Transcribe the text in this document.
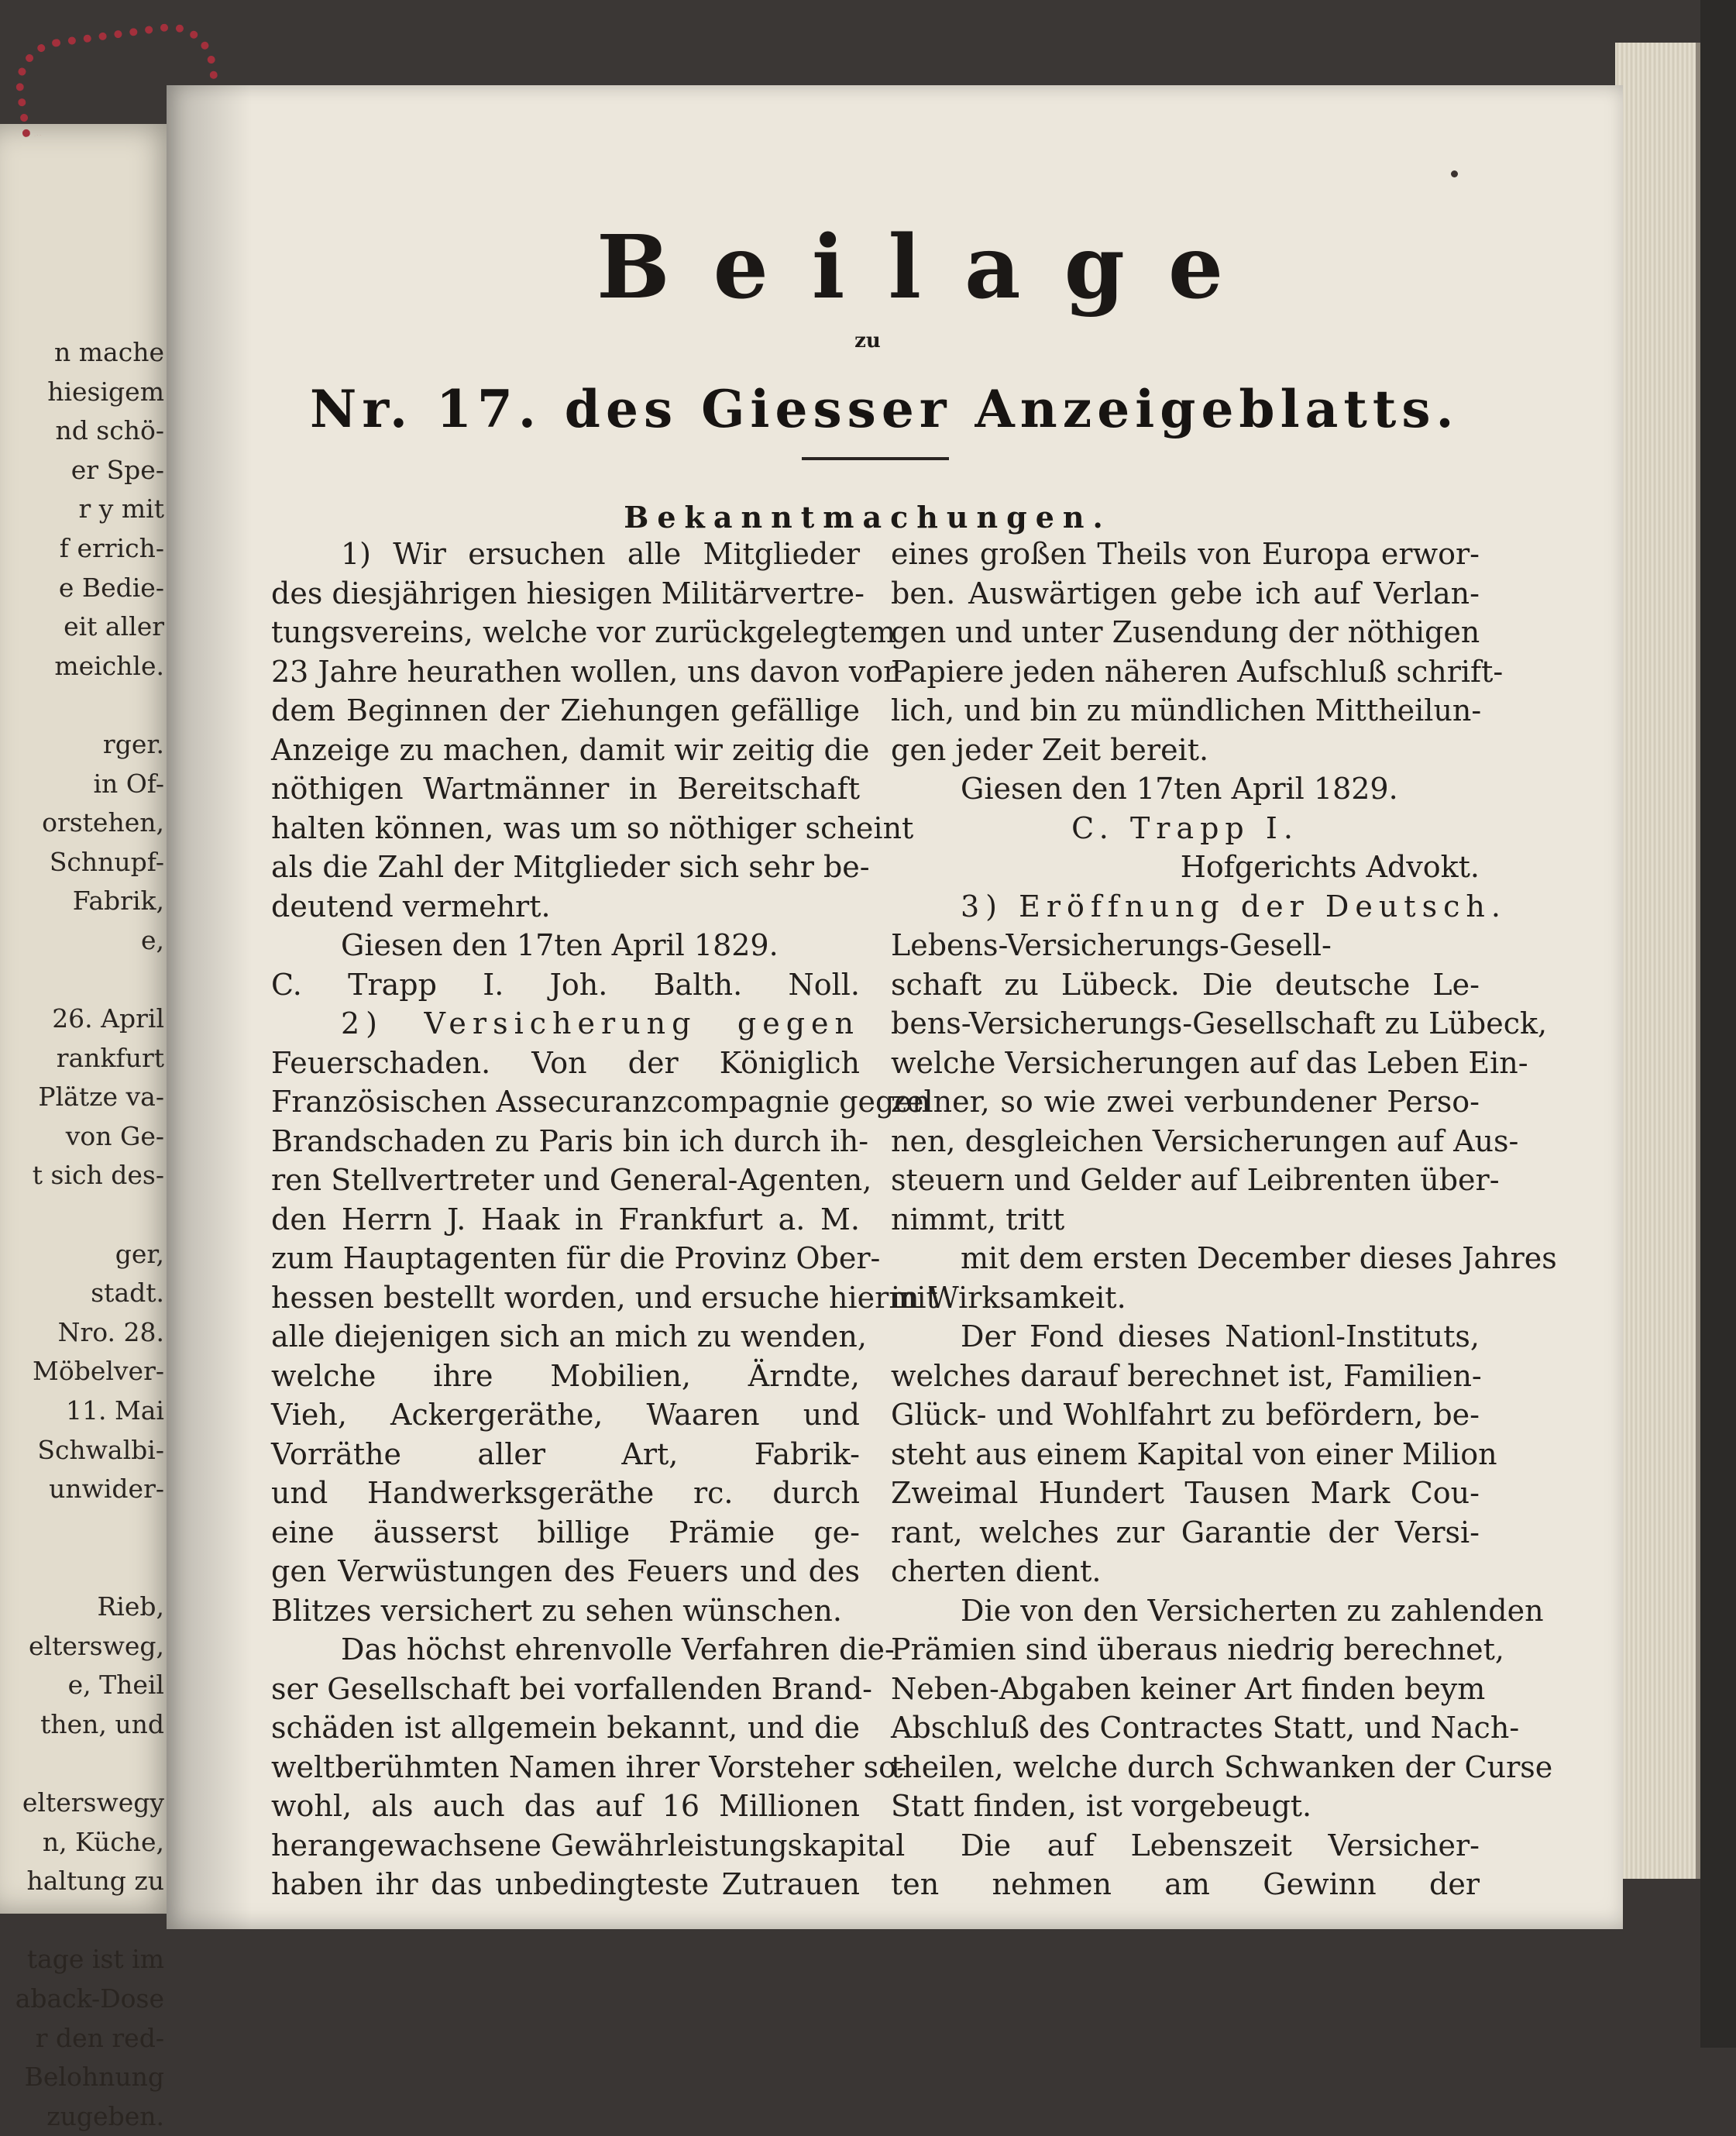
n mache
hiesigem
nd schö-
er Spe-
r y mit
f errich-
e Bedie-
eit aller
meichle.

rger.
in Of-
orstehen,
Schnupf-
Fabrik,
e,

26. April
rankfurt
Plätze va-
von Ge-
t sich des-

ger,
stadt.
Nro. 28.
Möbelver-
11. Mai
Schwalbi-
unwider-

Rieb,
eltersweg,
e, Theil
then, und

elterswegy
n, Küche,
haltung zu

tage ist im
aback-Dose
r den red-
Belohnung
zugeben.
Beilage
zu
Nr. 17. des Giesser Anzeigeblatts.
Bekanntmachungen.
1) Wir ersuchen alle Mitglieder
des diesjährigen hiesigen Militärvertre-
tungsvereins, welche vor zurückgelegtem
23 Jahre heurathen wollen, uns davon vor
dem Beginnen der Ziehungen gefällige
Anzeige zu machen, damit wir zeitig die
nöthigen Wartmänner in Bereitschaft
halten können, was um so nöthiger scheint
als die Zahl der Mitglieder sich sehr be-
deutend vermehrt.
Giesen den 17ten April 1829.
C. Trapp I. Joh. Balth. Noll.
2) Versicherung gegen
Feuerschaden. Von der Königlich
Französischen Assecuranzcompagnie gegen
Brandschaden zu Paris bin ich durch ih-
ren Stellvertreter und General-Agenten,
den Herrn J. Haak in Frankfurt a. M.
zum Hauptagenten für die Provinz Ober-
hessen bestellt worden, und ersuche hiermit
alle diejenigen sich an mich zu wenden,
welche ihre Mobilien, Ärndte,
Vieh, Ackergeräthe, Waaren und
Vorräthe aller Art, Fabrik-
und Handwerksgeräthe rc. durch
eine äusserst billige Prämie ge-
gen Verwüstungen des Feuers und des
Blitzes versichert zu sehen wünschen.
Das höchst ehrenvolle Verfahren die-
ser Gesellschaft bei vorfallenden Brand-
schäden ist allgemein bekannt, und die
weltberühmten Namen ihrer Vorsteher so-
wohl, als auch das auf 16 Millionen
herangewachsene Gewährleistungskapital
haben ihr das unbedingteste Zutrauen
eines großen Theils von Europa erwor-
ben. Auswärtigen gebe ich auf Verlan-
gen und unter Zusendung der nöthigen
Papiere jeden näheren Aufschluß schrift-
lich, und bin zu mündlichen Mittheilun-
gen jeder Zeit bereit.
Giesen den 17ten April 1829.
C. Trapp I.
Hofgerichts Advokt.
3) Eröffnung der Deutsch.
Lebens-Versicherungs-Gesell-
schaft zu Lübeck. Die deutsche Le-
bens-Versicherungs-Gesellschaft zu Lübeck,
welche Versicherungen auf das Leben Ein-
zelner, so wie zwei verbundener Perso-
nen, desgleichen Versicherungen auf Aus-
steuern und Gelder auf Leibrenten über-
nimmt, tritt
mit dem ersten December dieses Jahres
in Wirksamkeit.
Der Fond dieses Nationl-Instituts,
welches darauf berechnet ist, Familien-
Glück- und Wohlfahrt zu befördern, be-
steht aus einem Kapital von einer Milion
Zweimal Hundert Tausen Mark Cou-
rant, welches zur Garantie der Versi-
cherten dient.
Die von den Versicherten zu zahlenden
Prämien sind überaus niedrig berechnet,
Neben-Abgaben keiner Art finden beym
Abschluß des Contractes Statt, und Nach-
theilen, welche durch Schwanken der Curse
Statt finden, ist vorgebeugt.
Die auf Lebenszeit Versicher-
ten nehmen am Gewinn der
